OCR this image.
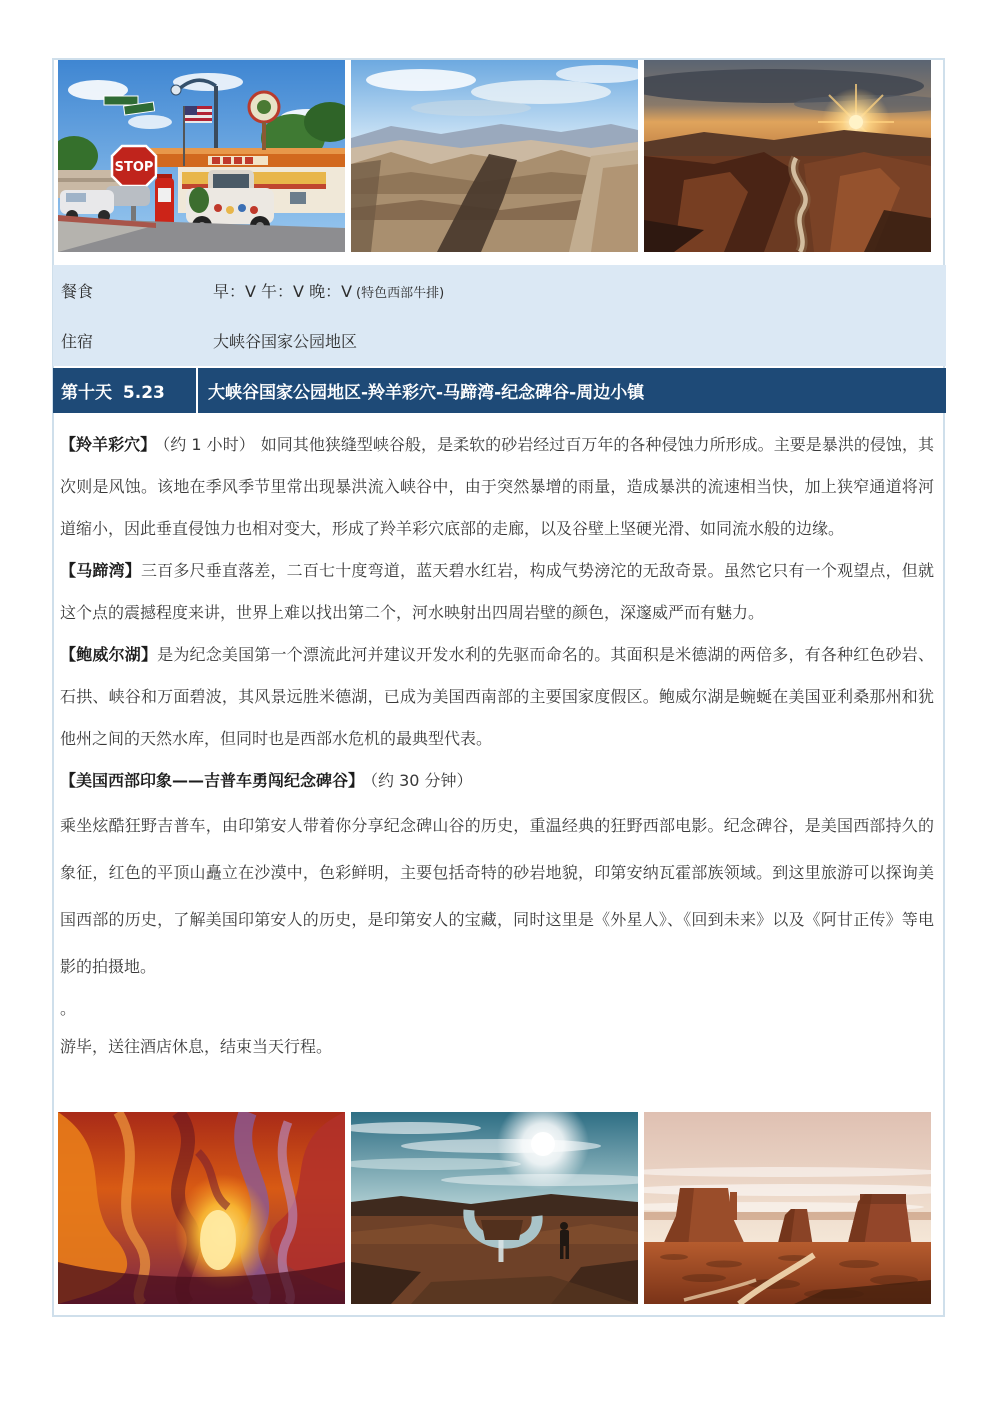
STOP
餐食	早：V 午：V 晚：V (特色西部牛排)
住宿	大峡谷国家公园地区
第十天 5.23	大峡谷国家公园地区-羚羊彩穴-马蹄湾-纪念碑谷-周边小镇

【羚羊彩穴】 （约 1 小时） 如同其他狭缝型峡谷般，是柔软的砂岩经过百万年的各种侵蚀力所形成。主要是暴洪的侵蚀，其次则是风蚀。该地在季风季节里常出现暴洪流入峡谷中，由于突然暴增的雨量，造成暴洪的流速相当快，加上狭窄通道将河道缩小，因此垂直侵蚀力也相对变大，形成了羚羊彩穴底部的走廊，以及谷壁上坚硬光滑、如同流水般的边缘。

【马蹄湾】三百多尺垂直落差，二百七十度弯道，蓝天碧水红岩，构成气势滂沱的无敌奇景。虽然它只有一个观望点，但就这个点的震撼程度来讲，世界上难以找出第二个，河水映射出四周岩壁的颜色，深邃威严而有魅力。

【鲍威尔湖】是为纪念美国第一个漂流此河并建议开发水利的先驱而命名的。其面积是米德湖的两倍多，有各种红色砂岩、石拱、峡谷和万面碧波，其风景远胜米德湖，已成为美国西南部的主要国家度假区。鲍威尔湖是蜿蜒在美国亚利桑那州和犹他州之间的天然水库，但同时也是西部水危机的最典型代表。

【美国西部印象——吉普车勇闯纪念碑谷】 （约 30 分钟）

乘坐炫酷狂野吉普车，由印第安人带着你分享纪念碑山谷的历史，重温经典的狂野西部电影。纪念碑谷，是美国西部持久的象征，红色的平顶山矗立在沙漠中，色彩鲜明，主要包括奇特的砂岩地貌，印第安纳瓦霍部族领域。到这里旅游可以探询美国西部的历史，了解美国印第安人的历史，是印第安人的宝藏，同时这里是《外星人》、《回到未来》以及《阿甘正传》等电影的拍摄地。

。

游毕，送往酒店休息，结束当天行程。
